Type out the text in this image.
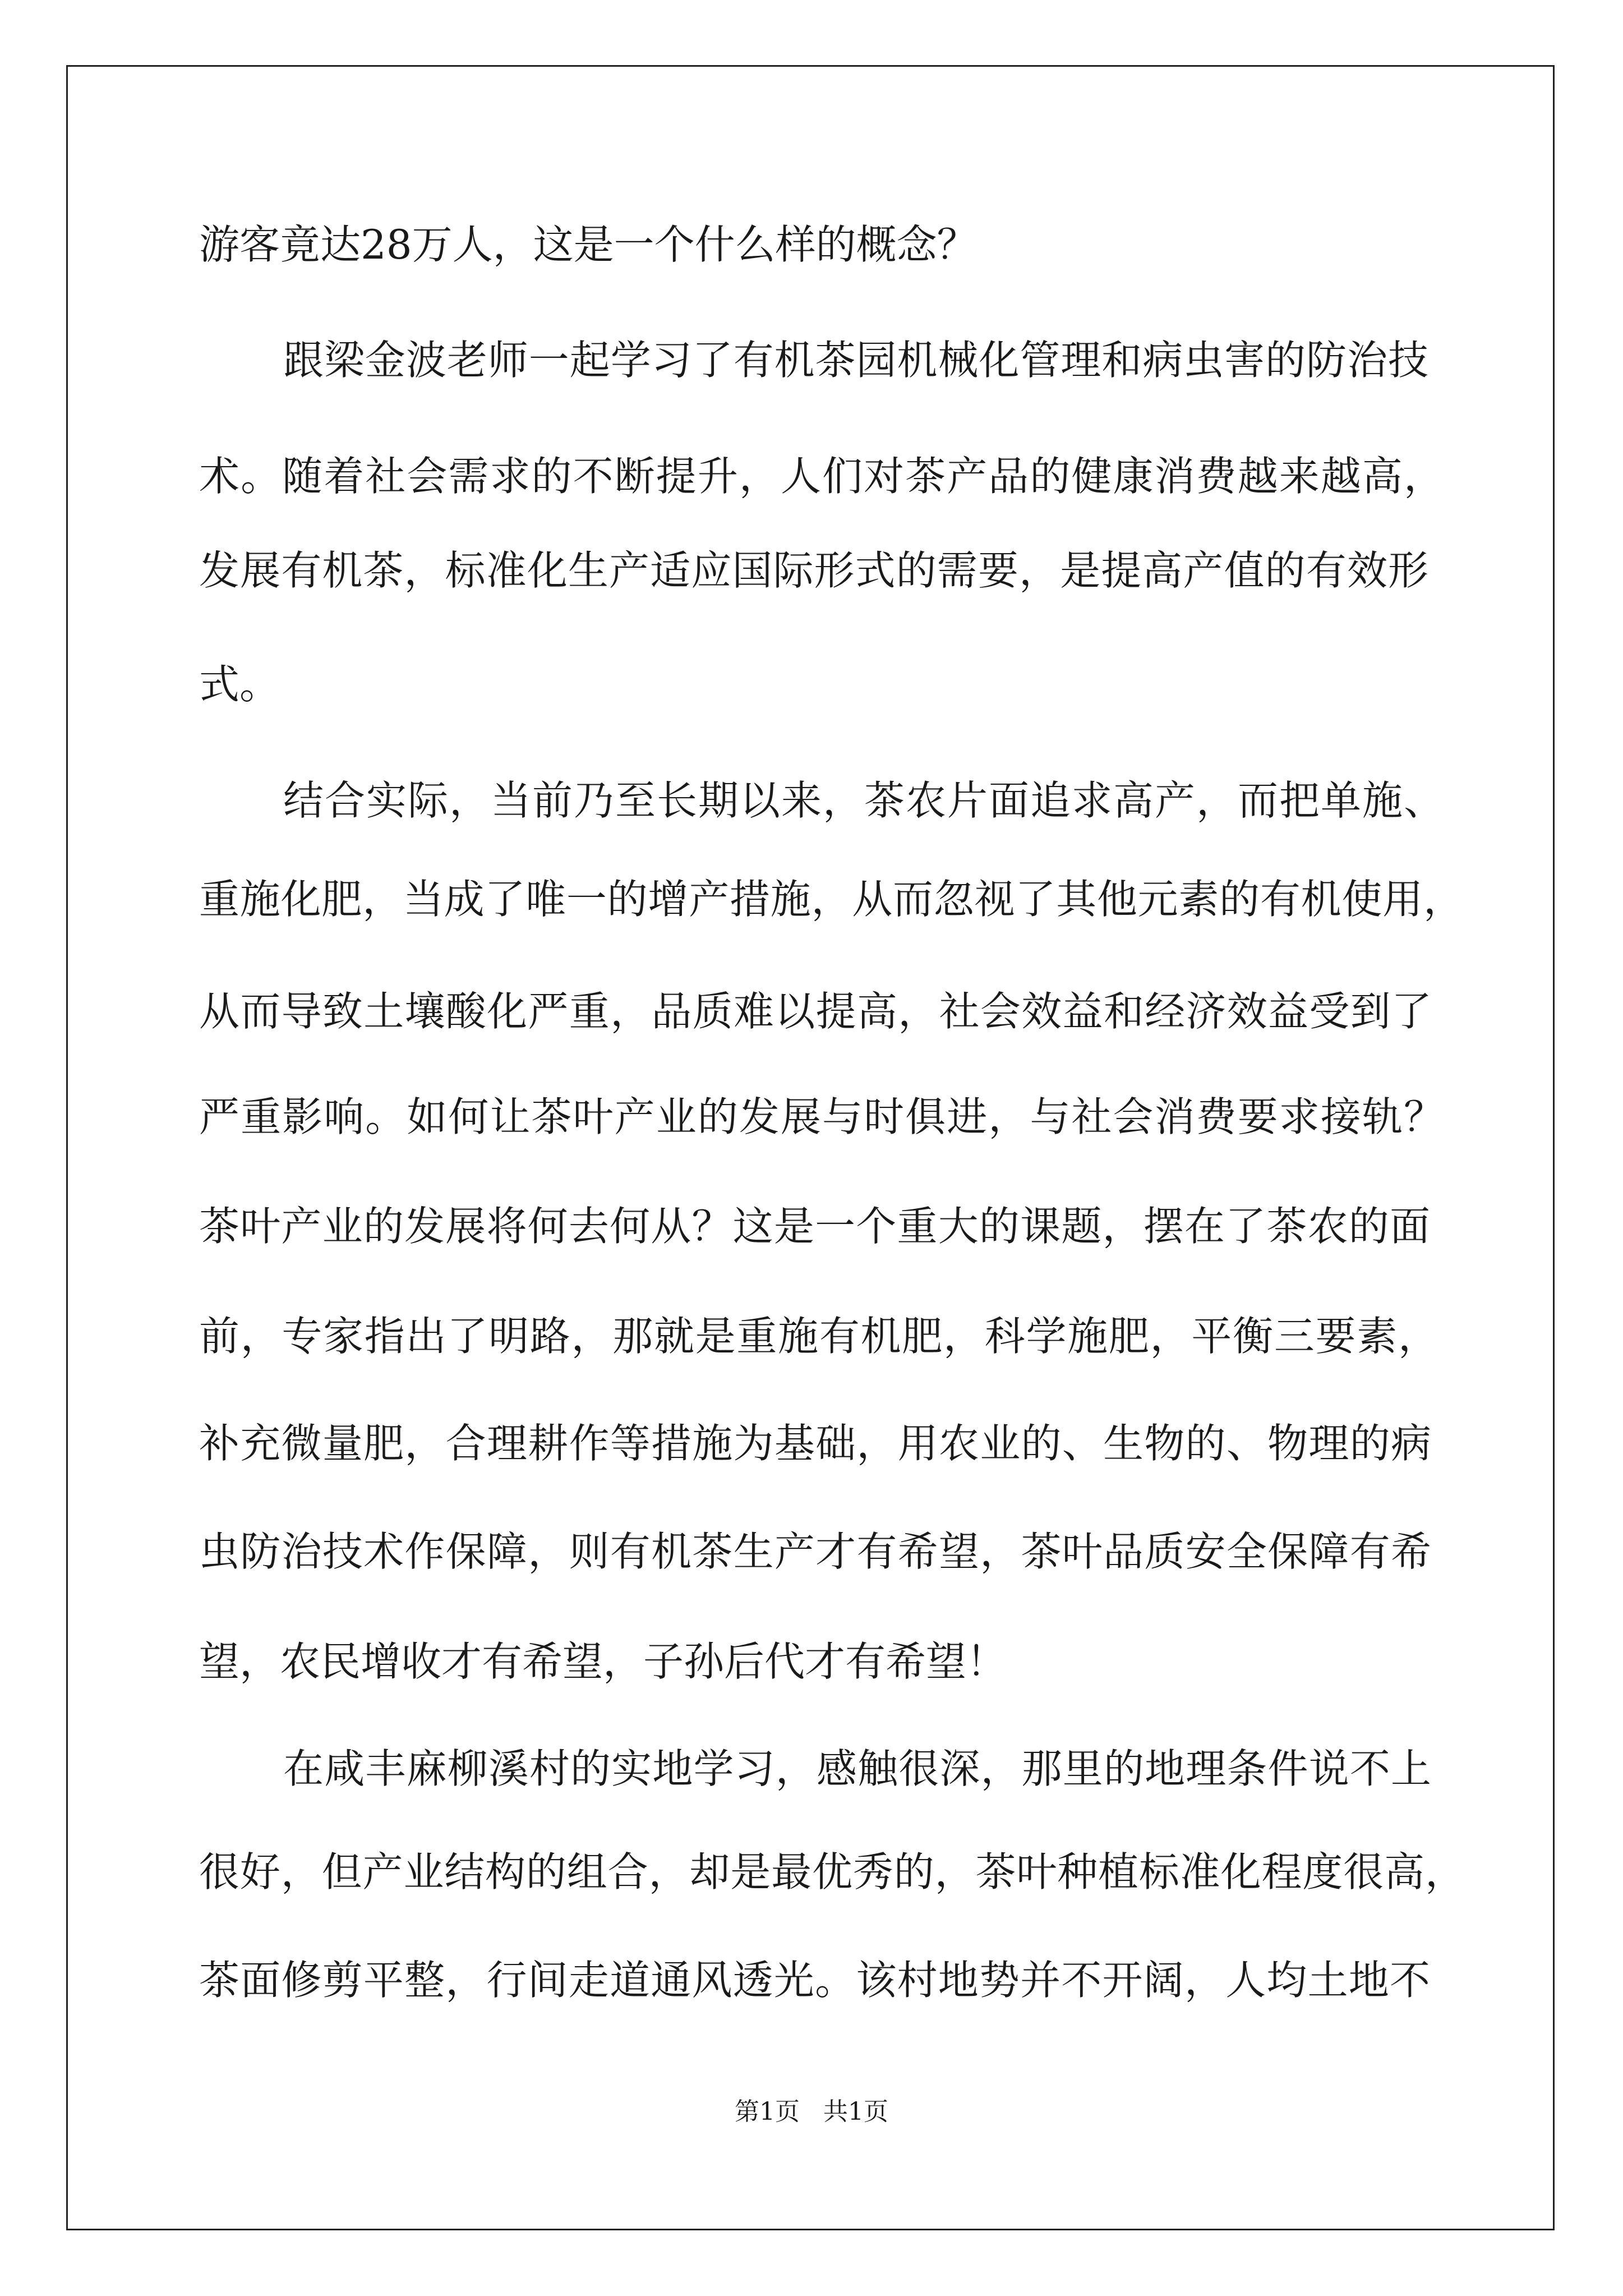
游客竟达28万人，这是一个什么样的概念？

跟梁金波老师一起学习了有机茶园机械化管理和病虫害的防治技

术。随着社会需求的不断提升，人们对茶产品的健康消费越来越高，

发展有机茶，标准化生产适应国际形式的需要，是提高产值的有效形

式。

结合实际，当前乃至长期以来，茶农片面追求高产，而把单施、

重施化肥，当成了唯一的增产措施，从而忽视了其他元素的有机使用，

从而导致土壤酸化严重，品质难以提高，社会效益和经济效益受到了

严重影响。如何让茶叶产业的发展与时俱进，与社会消费要求接轨？

茶叶产业的发展将何去何从？这是一个重大的课题，摆在了茶农的面

前，专家指出了明路，那就是重施有机肥，科学施肥，平衡三要素，

补充微量肥，合理耕作等措施为基础，用农业的、生物的、物理的病

虫防治技术作保障，则有机茶生产才有希望，茶叶品质安全保障有希

望，农民增收才有希望，子孙后代才有希望！

在咸丰麻柳溪村的实地学习，感触很深，那里的地理条件说不上

很好，但产业结构的组合，却是最优秀的，茶叶种植标准化程度很高，

茶面修剪平整，行间走道通风透光。该村地势并不开阔，人均土地不

第1页   共1页
